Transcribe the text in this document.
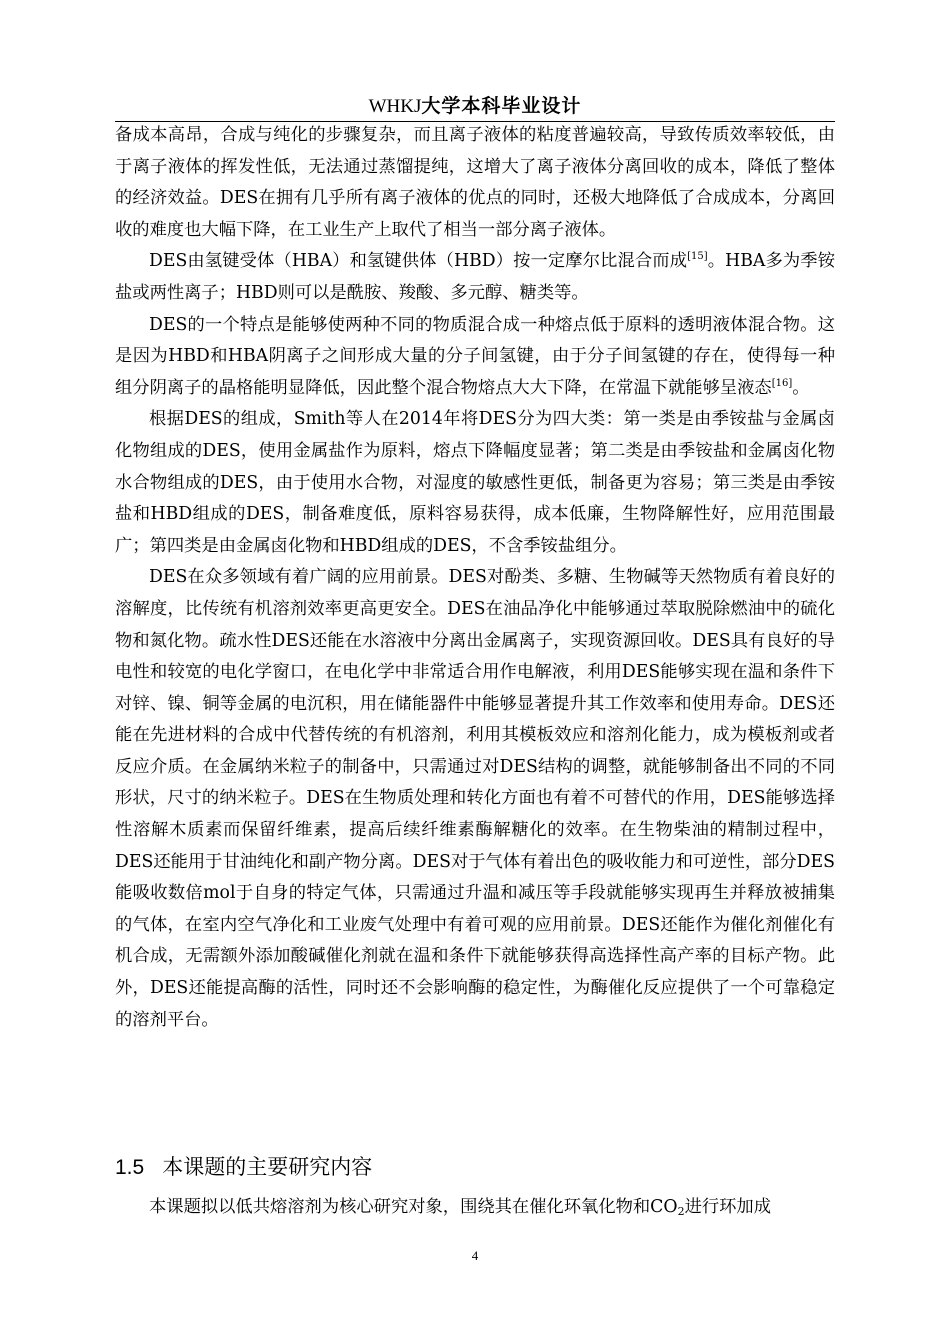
WHKJ大学本科毕业设计

备成本高昂，合成与纯化的步骤复杂，而且离子液体的粘度普遍较高，导致传质效率较低，由于离子液体的挥发性低，无法通过蒸馏提纯，这增大了离子液体分离回收的成本，降低了整体的经济效益。DES在拥有几乎所有离子液体的优点的同时，还极大地降低了合成成本，分离回收的难度也大幅下降，在工业生产上取代了相当一部分离子液体。

DES由氢键受体（HBA）和氢键供体（HBD）按一定摩尔比混合而成[15]。HBA多为季铵盐或两性离子；HBD则可以是酰胺、羧酸、多元醇、糖类等。

DES的一个特点是能够使两种不同的物质混合成一种熔点低于原料的透明液体混合物。这是因为HBD和HBA阴离子之间形成大量的分子间氢键，由于分子间氢键的存在，使得每一种组分阴离子的晶格能明显降低，因此整个混合物熔点大大下降，在常温下就能够呈液态[16]。

根据DES的组成，Smith等人在2014年将DES分为四大类：第一类是由季铵盐与金属卤化物组成的DES，使用金属盐作为原料，熔点下降幅度显著；第二类是由季铵盐和金属卤化物水合物组成的DES，由于使用水合物，对湿度的敏感性更低，制备更为容易；第三类是由季铵盐和HBD组成的DES，制备难度低，原料容易获得，成本低廉，生物降解性好，应用范围最广；第四类是由金属卤化物和HBD组成的DES，不含季铵盐组分。

DES在众多领域有着广阔的应用前景。DES对酚类、多糖、生物碱等天然物质有着良好的溶解度，比传统有机溶剂效率更高更安全。DES在油品净化中能够通过萃取脱除燃油中的硫化物和氮化物。疏水性DES还能在水溶液中分离出金属离子，实现资源回收。DES具有良好的导电性和较宽的电化学窗口，在电化学中非常适合用作电解液，利用DES能够实现在温和条件下对锌、镍、铜等金属的电沉积，用在储能器件中能够显著提升其工作效率和使用寿命。DES还能在先进材料的合成中代替传统的有机溶剂，利用其模板效应和溶剂化能力，成为模板剂或者反应介质。在金属纳米粒子的制备中，只需通过对DES结构的调整，就能够制备出不同的不同形状，尺寸的纳米粒子。DES在生物质处理和转化方面也有着不可替代的作用，DES能够选择性溶解木质素而保留纤维素，提高后续纤维素酶解糖化的效率。在生物柴油的精制过程中，DES还能用于甘油纯化和副产物分离。DES对于气体有着出色的吸收能力和可逆性，部分DES能吸收数倍mol于自身的特定气体，只需通过升温和减压等手段就能够实现再生并释放被捕集的气体，在室内空气净化和工业废气处理中有着可观的应用前景。DES还能作为催化剂催化有机合成，无需额外添加酸碱催化剂就在温和条件下就能够获得高选择性高产率的目标产物。此外，DES还能提高酶的活性，同时还不会影响酶的稳定性，为酶催化反应提供了一个可靠稳定的溶剂平台。

1.5 本课题的主要研究内容
本课题拟以低共熔溶剂为核心研究对象，围绕其在催化环氧化物和$CO_2$进行环加成
4
